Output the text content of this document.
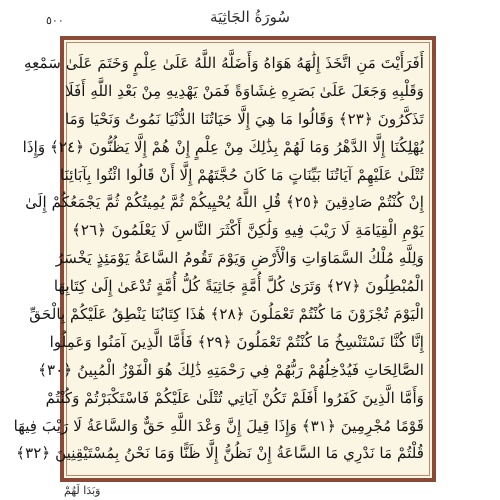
سُورَةُ الجَاثِيَة
٥٠٠
أَفَرَأَيْتَ مَنِ اتَّخَذَ إِلَٰهَهُ هَوَاهُ وَأَضَلَّهُ اللَّهُ عَلَىٰ عِلْمٍ وَخَتَمَ عَلَىٰ سَمْعِهِ
وَقَلْبِهِ وَجَعَلَ عَلَىٰ بَصَرِهِ غِشَاوَةً فَمَنْ يَهْدِيهِ مِنْ بَعْدِ اللَّهِ أَفَلَا
تَذَكَّرُونَ ﴿٢٣﴾ وَقَالُوا مَا هِيَ إِلَّا حَيَاتُنَا الدُّنْيَا نَمُوتُ وَنَحْيَا وَمَا
يُهْلِكُنَا إِلَّا الدَّهْرُ وَمَا لَهُمْ بِذَٰلِكَ مِنْ عِلْمٍ إِنْ هُمْ إِلَّا يَظُنُّونَ ﴿٢٤﴾ وَإِذَا
تُتْلَىٰ عَلَيْهِمْ آيَاتُنَا بَيِّنَاتٍ مَا كَانَ حُجَّتَهُمْ إِلَّا أَنْ قَالُوا ائْتُوا بِآبَائِنَا
إِنْ كُنْتُمْ صَادِقِينَ ﴿٢٥﴾ قُلِ اللَّهُ يُحْيِيكُمْ ثُمَّ يُمِيتُكُمْ ثُمَّ يَجْمَعُكُمْ إِلَىٰ
يَوْمِ الْقِيَامَةِ لَا رَيْبَ فِيهِ وَلَٰكِنَّ أَكْثَرَ النَّاسِ لَا يَعْلَمُونَ ﴿٢٦﴾
وَلِلَّهِ مُلْكُ السَّمَاوَاتِ وَالْأَرْضِ وَيَوْمَ تَقُومُ السَّاعَةُ يَوْمَئِذٍ يَخْسَرُ
الْمُبْطِلُونَ ﴿٢٧﴾ وَتَرَىٰ كُلَّ أُمَّةٍ جَاثِيَةً كُلُّ أُمَّةٍ تُدْعَىٰ إِلَىٰ كِتَابِهَا
الْيَوْمَ تُجْزَوْنَ مَا كُنْتُمْ تَعْمَلُونَ ﴿٢٨﴾ هَٰذَا كِتَابُنَا يَنْطِقُ عَلَيْكُمْ بِالْحَقِّ
إِنَّا كُنَّا نَسْتَنْسِخُ مَا كُنْتُمْ تَعْمَلُونَ ﴿٢٩﴾ فَأَمَّا الَّذِينَ آمَنُوا وَعَمِلُوا
الصَّالِحَاتِ فَيُدْخِلُهُمْ رَبُّهُمْ فِي رَحْمَتِهِ ذَٰلِكَ هُوَ الْفَوْزُ الْمُبِينُ ﴿٣٠﴾
وَأَمَّا الَّذِينَ كَفَرُوا أَفَلَمْ تَكُنْ آيَاتِي تُتْلَىٰ عَلَيْكُمْ فَاسْتَكْبَرْتُمْ وَكُنْتُمْ
قَوْمًا مُجْرِمِينَ ﴿٣١﴾ وَإِذَا قِيلَ إِنَّ وَعْدَ اللَّهِ حَقٌّ وَالسَّاعَةُ لَا رَيْبَ فِيهَا
قُلْتُمْ مَا نَدْرِي مَا السَّاعَةُ إِنْ نَظُنُّ إِلَّا ظَنًّا وَمَا نَحْنُ بِمُسْتَيْقِنِينَ ﴿٣٢﴾
وَبَدَا لَهُمْ
